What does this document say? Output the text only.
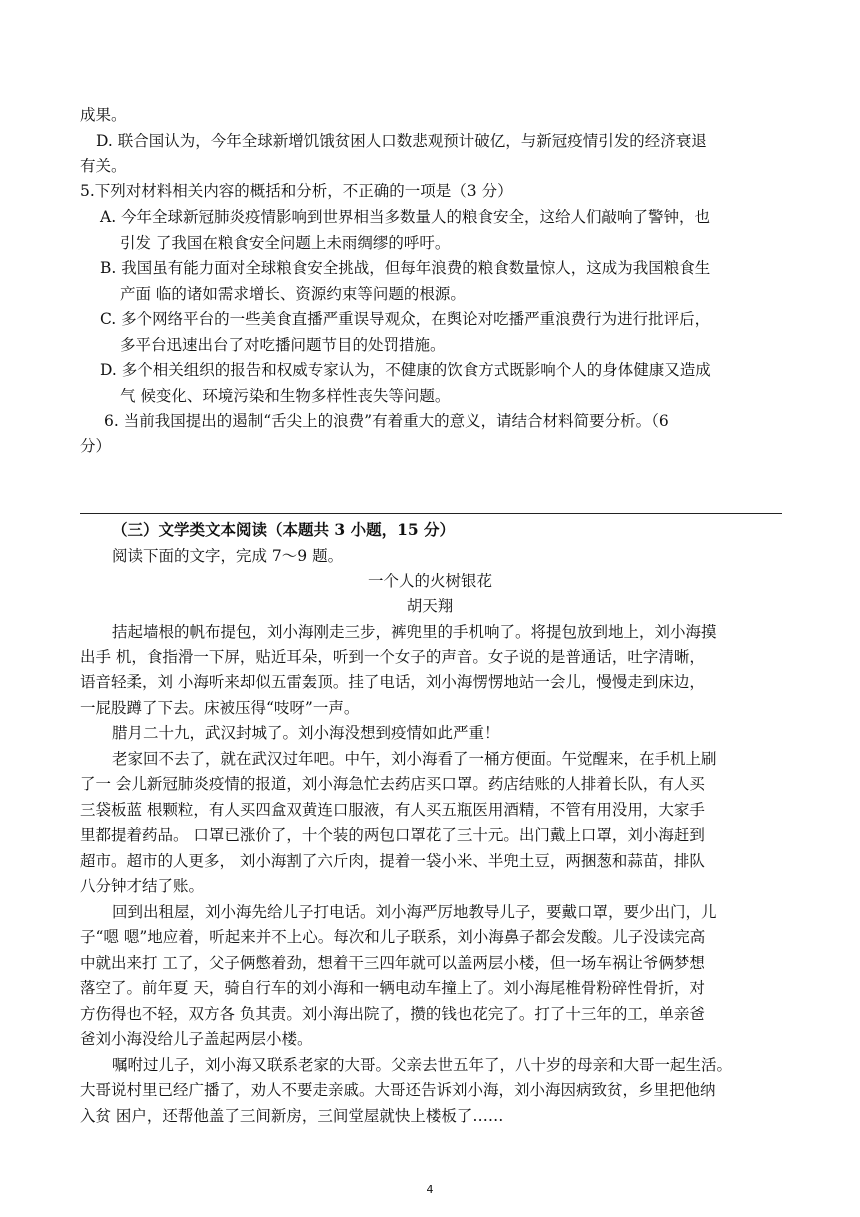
成果。
D. 联合国认为，今年全球新增饥饿贫困人口数悲观预计破亿，与新冠疫情引发的经济衰退
有关。
5.下列对材料相关内容的概括和分析，不正确的一项是（3 分）
A. 今年全球新冠肺炎疫情影响到世界相当多数量人的粮食安全，这给人们敲响了警钟，也
引发 了我国在粮食安全问题上未雨绸缪的呼吁。
B. 我国虽有能力面对全球粮食安全挑战，但每年浪费的粮食数量惊人，这成为我国粮食生
产面 临的诸如需求增长、资源约束等问题的根源。
C. 多个网络平台的一些美食直播严重误导观众，在舆论对吃播严重浪费行为进行批评后，
多平台迅速出台了对吃播问题节目的处罚措施。
D. 多个相关组织的报告和权威专家认为，不健康的饮食方式既影响个人的身体健康又造成
气 候变化、环境污染和生物多样性丧失等问题。
6. 当前我国提出的遏制“舌尖上的浪费”有着重大的意义，请结合材料简要分析。（6
分）
（三）文学类文本阅读（本题共 3 小题，15 分）
阅读下面的文字，完成 7～9 题。
一个人的火树银花
胡天翔
拮起墙根的帆布提包，刘小海刚走三步，裤兜里的手机响了。将提包放到地上，刘小海摸
出手 机，食指滑一下屏，贴近耳朵，听到一个女子的声音。女子说的是普通话，吐字清晰，
语音轻柔，刘 小海听来却似五雷轰顶。挂了电话，刘小海愣愣地站一会儿，慢慢走到床边，
一屁股蹲了下去。床被压得“吱呀”一声。
腊月二十九，武汉封城了。刘小海没想到疫情如此严重！
老家回不去了，就在武汉过年吧。中午，刘小海看了一桶方便面。午觉醒来，在手机上刷
了一 会儿新冠肺炎疫情的报道，刘小海急忙去药店买口罩。药店结账的人排着长队，有人买
三袋板蓝 根颗粒，有人买四盒双黄连口服液，有人买五瓶医用酒精，不管有用没用，大家手
里都提着药品。 口罩已涨价了，十个装的两包口罩花了三十元。出门戴上口罩，刘小海赶到
超市。超市的人更多， 刘小海割了六斤肉，提着一袋小米、半兜土豆，两捆葱和蒜苗，排队
八分钟才结了账。
回到出租屋，刘小海先给儿子打电话。刘小海严厉地教导儿子，要戴口罩，要少出门，儿
子“嗯 嗯”地应着，听起来并不上心。每次和儿子联系，刘小海鼻子都会发酸。儿子没读完高
中就出来打 工了，父子俩憋着劲，想着干三四年就可以盖两层小楼，但一场车祸让爷俩梦想
落空了。前年夏 天，骑自行车的刘小海和一辆电动车撞上了。刘小海尾椎骨粉碎性骨折，对
方伤得也不轻，双方各 负其责。刘小海出院了，攒的钱也花完了。打了十三年的工，单亲爸
爸刘小海没给儿子盖起两层小楼。
嘱咐过儿子，刘小海又联系老家的大哥。父亲去世五年了，八十岁的母亲和大哥一起生活。
大哥说村里已经广播了，劝人不要走亲戚。大哥还告诉刘小海，刘小海因病致贫，乡里把他纳
入贫 困户，还帮他盖了三间新房，三间堂屋就快上楼板了……
4
